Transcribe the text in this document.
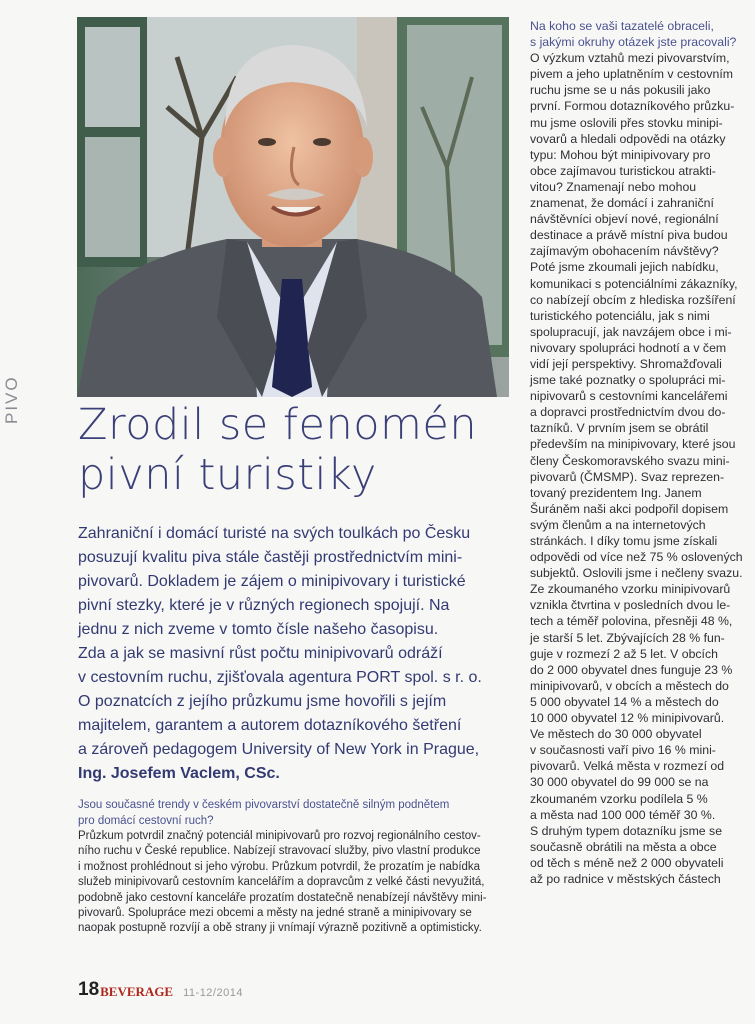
PIVO Zrodil se fenomén
pivní turistiky
Zahraniční i domácí turisté na svých toulkách po Česku
posuzují kvalitu piva stále častěji prostřednictvím mini-
pivovarů. Dokladem je zájem o minipivovary i turistické
pivní stezky, které je v různých regionech spojují. Na
jednu z nich zveme v tomto čísle našeho časopisu.
Zda a jak se masivní růst počtu minipivovarů odráží
v cestovním ruchu, zjišťovala agentura PORT spol. s r. o.
O poznatcích z jejího průzkumu jsme hovořili s jejím
majitelem, garantem a autorem dotazníkového šetření
a zároveň pedagogem University of New York in Prague,
Ing. Josefem Vaclem, CSc.
Jsou současné trendy v českém pivovarství dostatečně silným podnětem
pro domácí cestovní ruch?
Průzkum potvrdil značný potenciál minipivovarů pro rozvoj regionálního cestov-
ního ruchu v České republice. Nabízejí stravovací služby, pivo vlastní produkce
i možnost prohlédnout si jeho výrobu. Průzkum potvrdil, že prozatím je nabídka
služeb minipivovarů cestovním kancelářím a dopravcům z velké části nevyužitá,
podobně jako cestovní kanceláře prozatím dostatečně nenabízejí návštěvy mini-
pivovarů. Spolupráce mezi obcemi a městy na jedné straně a minipivovary se
naopak postupně rozvíjí a obě strany ji vnímají výrazně pozitivně a optimisticky.
Na koho se vaši tazatelé obraceli,
s jakými okruhy otázek jste pracovali?
O výzkum vztahů mezi pivovarstvím,
pivem a jeho uplatněním v cestovním
ruchu jsme se u nás pokusili jako
první. Formou dotazníkového průzku-
mu jsme oslovili přes stovku minipi-
vovarů a hledali odpovědi na otázky
typu: Mohou být minipivovary pro
obce zajímavou turistickou atrakti-
vitou? Znamenají nebo mohou
znamenat, že domácí i zahraniční
návštěvníci objeví nové, regionální
destinace a právě místní piva budou
zajímavým obohacením návštěvy?
Poté jsme zkoumali jejich nabídku,
komunikaci s potenciálními zákazníky,
co nabízejí obcím z hlediska rozšíření
turistického potenciálu, jak s nimi
spolupracují, jak navzájem obce i mi-
nivovary spolupráci hodnotí a v čem
vidí její perspektivy. Shromažďovali
jsme také poznatky o spolupráci mi-
nipivovarů s cestovními kancelářemi
a dopravci prostřednictvím dvou do-
tazníků. V prvním jsem se obrátil
především na minipivovary, které jsou
členy Českomoravského svazu mini-
pivovarů (ČMSMP). Svaz reprezen-
tovaný prezidentem Ing. Janem
Šuráněm naši akci podpořil dopisem
svým členům a na internetových
stránkách. I díky tomu jsme získali
odpovědi od více než 75 % oslovených
subjektů. Oslovili jsme i nečleny svazu.
Ze zkoumaného vzorku minipivovarů
vznikla čtvrtina v posledních dvou le-
tech a téměř polovina, přesněji 48 %,
je starší 5 let. Zbývajících 28 % fun-
guje v rozmezí 2 až 5 let. V obcích
do 2 000 obyvatel dnes funguje 23 %
minipivovarů, v obcích a městech do
5 000 obyvatel 14 % a městech do
10 000 obyvatel 12 % minipivovarů.
Ve městech do 30 000 obyvatel
v současnosti vaří pivo 16 % mini-
pivovarů. Velká města v rozmezí od
30 000 obyvatel do 99 000 se na
zkoumaném vzorku podílela 5 %
a města nad 100 000 téměř 30 %.
S druhým typem dotazníku jsme se
současně obrátili na města a obce
od těch s méně než 2 000 obyvateli
až po radnice v městských částech
18 BEVERAGE 11-12/2014
